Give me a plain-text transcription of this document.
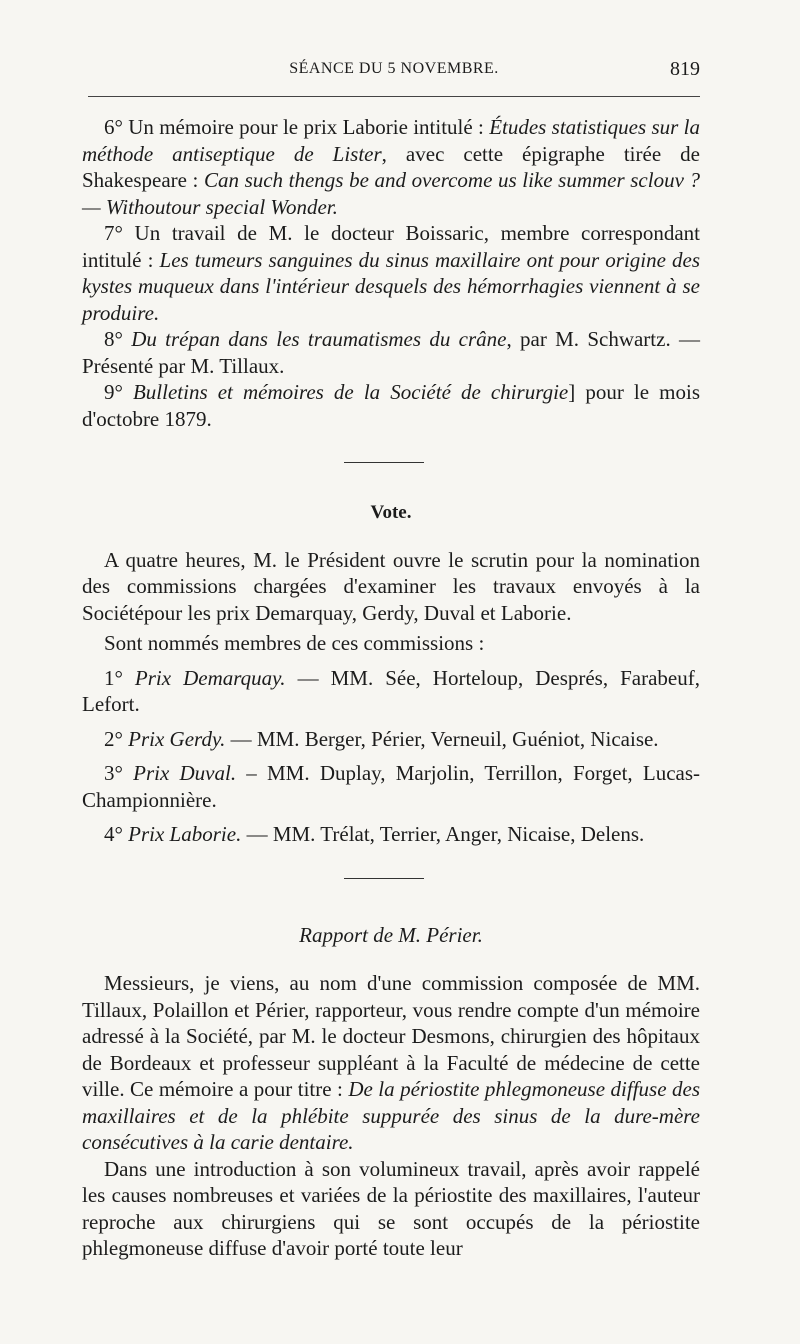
SÉANCE DU 5 NOVEMBRE.	819

6° Un mémoire pour le prix Laborie intitulé : Études statistiques sur la méthode antiseptique de Lister, avec cette épigraphe tirée de Shakespeare : Can such thengs be and overcome us like summer sclouv ? — Withoutour special Wonder.

7° Un travail de M. le docteur Boissaric, membre correspondant intitulé : Les tumeurs sanguines du sinus maxillaire ont pour origine des kystes muqueux dans l'intérieur desquels des hémorrhagies viennent à se produire.

8° Du trépan dans les traumatismes du crâne, par M. Schwartz. — Présenté par M. Tillaux.

9° Bulletins et mémoires de la Société de chirurgie] pour le mois d'octobre 1879.

Vote.

A quatre heures, M. le Président ouvre le scrutin pour la nomination des commissions chargées d'examiner les travaux envoyés à la Sociétépour les prix Demarquay, Gerdy, Duval et Laborie.

Sont nommés membres de ces commissions :

1° Prix Demarquay. — MM. Sée, Horteloup, Després, Farabeuf, Lefort.

2° Prix Gerdy. — MM. Berger, Périer, Verneuil, Guéniot, Nicaise.

3° Prix Duval. – MM. Duplay, Marjolin, Terrillon, Forget, Lucas-Championnière.

4° Prix Laborie. — MM. Trélat, Terrier, Anger, Nicaise, Delens.

Rapport de M. Périer.

Messieurs, je viens, au nom d'une commission composée de MM. Tillaux, Polaillon et Périer, rapporteur, vous rendre compte d'un mémoire adressé à la Société, par M. le docteur Desmons, chirurgien des hôpitaux de Bordeaux et professeur suppléant à la Faculté de médecine de cette ville. Ce mémoire a pour titre : De la périostite phlegmoneuse diffuse des maxillaires et de la phlébite suppurée des sinus de la dure-mère consécutives à la carie dentaire.

Dans une introduction à son volumineux travail, après avoir rappelé les causes nombreuses et variées de la périostite des maxillaires, l'auteur reproche aux chirurgiens qui se sont occupés de la périostite phlegmoneuse diffuse d'avoir porté toute leur
